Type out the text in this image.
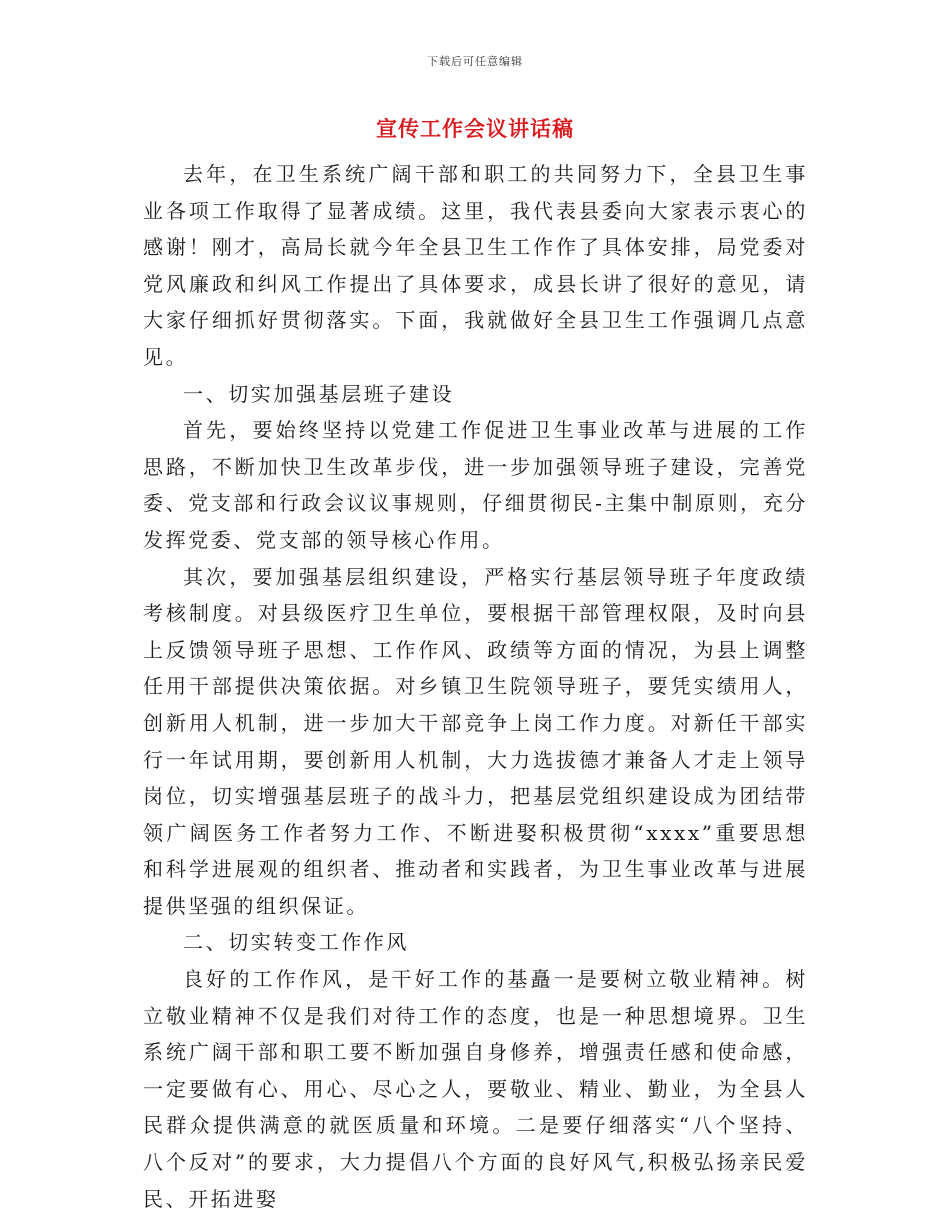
下载后可任意编辑
宣传工作会议讲话稿

去年，在卫生系统广阔干部和职工的共同努力下，全县卫生事业各项工作取得了显著成绩。这里，我代表县委向大家表示衷心的感谢！刚才，高局长就今年全县卫生工作作了具体安排，局党委对党风廉政和纠风工作提出了具体要求，成县长讲了很好的意见，请大家仔细抓好贯彻落实。下面，我就做好全县卫生工作强调几点意见。

一、切实加强基层班子建设

首先，要始终坚持以党建工作促进卫生事业改革与进展的工作思路，不断加快卫生改革步伐，进一步加强领导班子建设，完善党委、党支部和行政会议议事规则，仔细贯彻民-主集中制原则，充分发挥党委、党支部的领导核心作用。

其次，要加强基层组织建设，严格实行基层领导班子年度政绩考核制度。对县级医疗卫生单位，要根据干部管理权限，及时向县上反馈领导班子思想、工作作风、政绩等方面的情况，为县上调整任用干部提供决策依据。对乡镇卫生院领导班子，要凭实绩用人，创新用人机制，进一步加大干部竞争上岗工作力度。对新任干部实行一年试用期，要创新用人机制，大力选拔德才兼备人才走上领导岗位，切实增强基层班子的战斗力，把基层党组织建设成为团结带领广阔医务工作者努力工作、不断进娶积极贯彻“xxxx”重要思想和科学进展观的组织者、推动者和实践者，为卫生事业改革与进展提供坚强的组织保证。

二、切实转变工作作风

良好的工作作风，是干好工作的基矗一是要树立敬业精神。树立敬业精神不仅是我们对待工作的态度，也是一种思想境界。卫生系统广阔干部和职工要不断加强自身修养，增强责任感和使命感，一定要做有心、用心、尽心之人，要敬业、精业、勤业，为全县人民群众提供满意的就医质量和环境。二是要仔细落实“八个坚持、八个反对”的要求，大力提倡八个方面的良好风气,积极弘扬亲民爱民、开拓进娶
